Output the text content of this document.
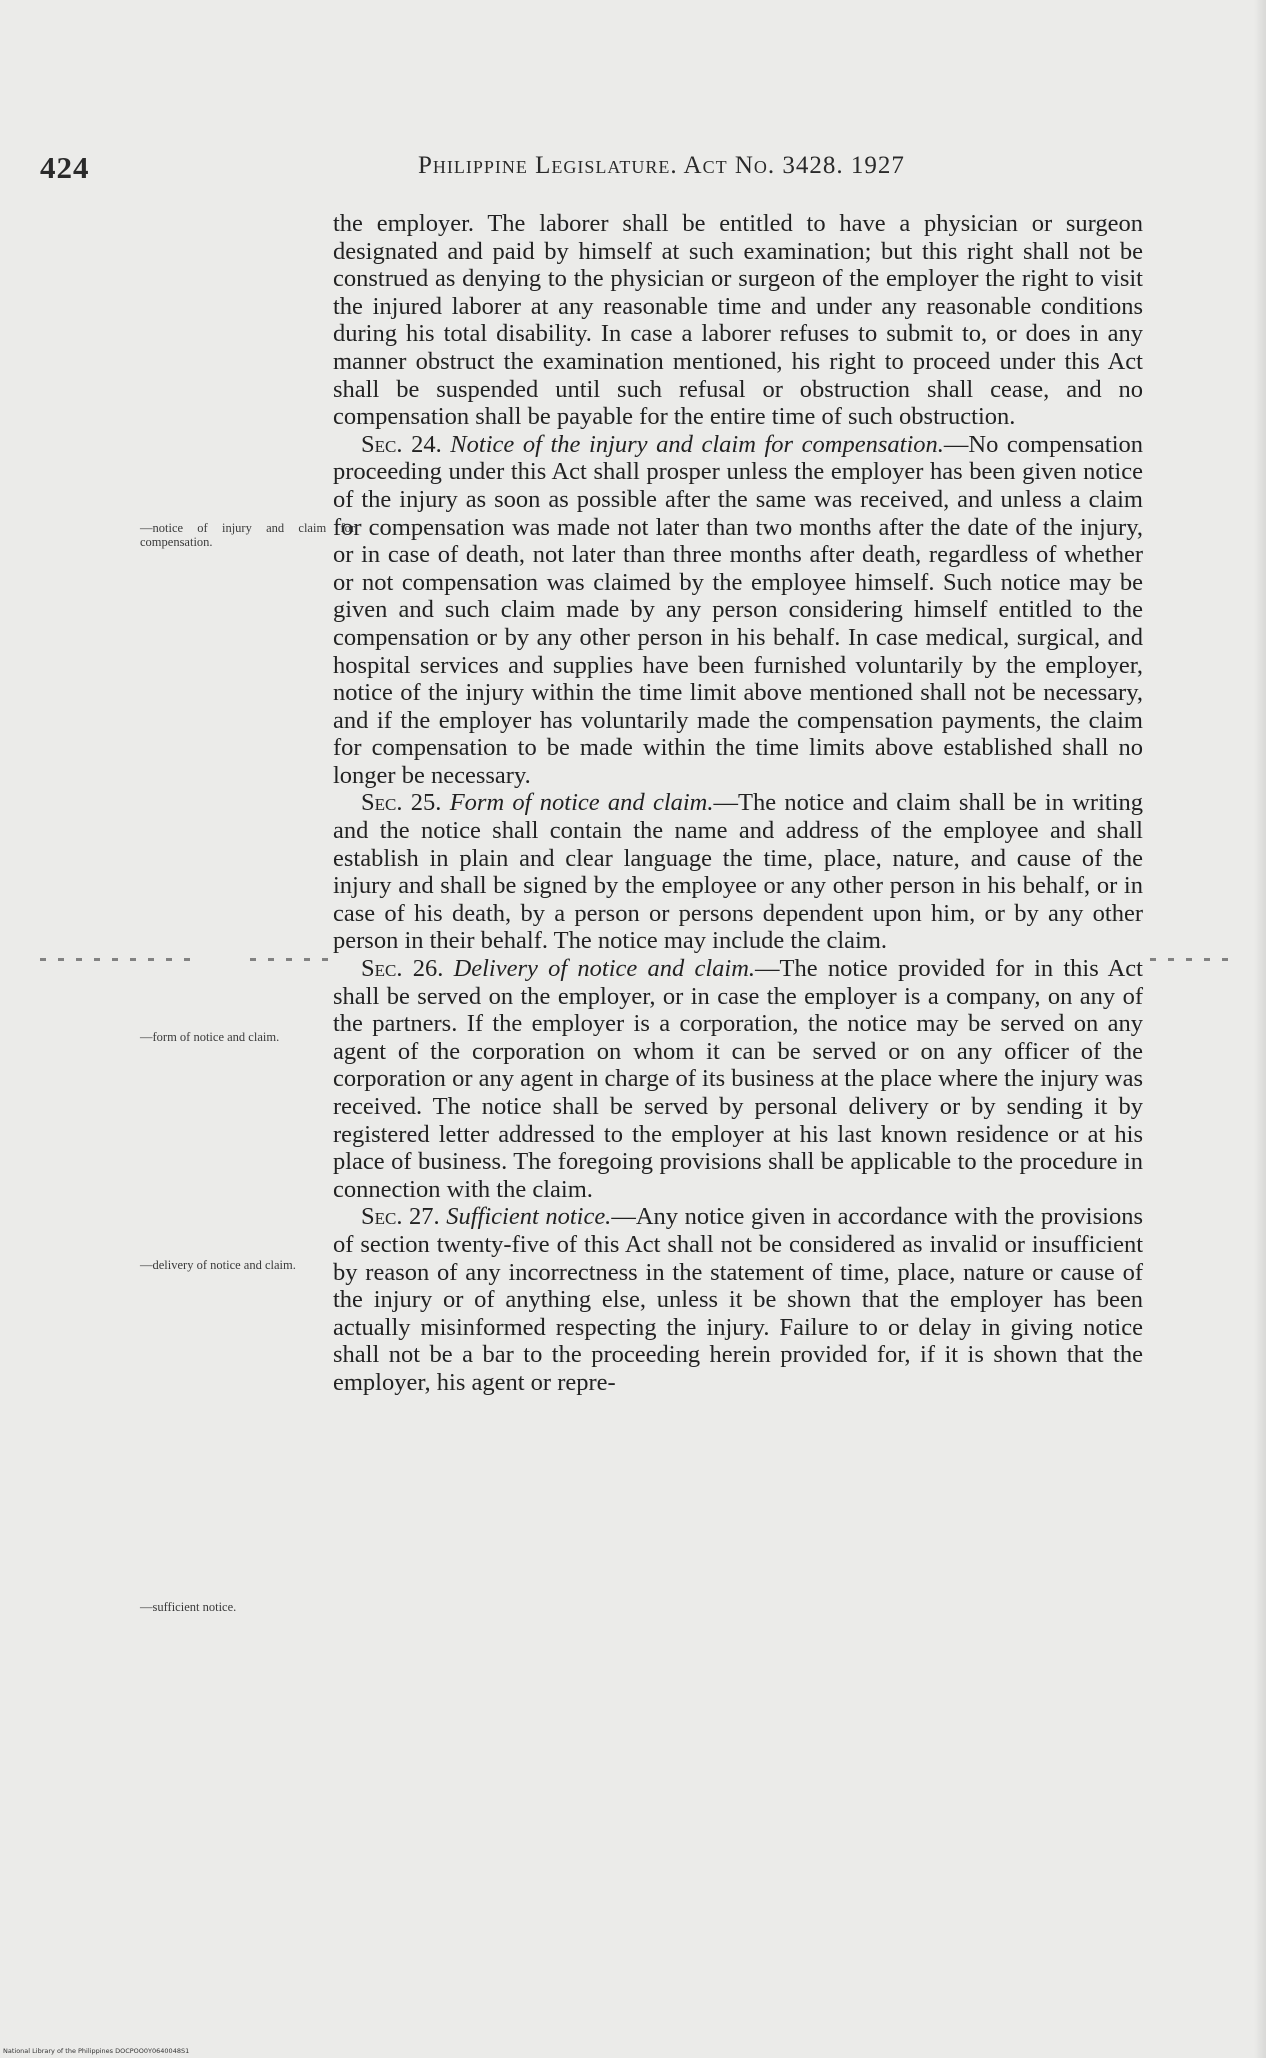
424	Philippine Legislature. Act No. 3428. 1927
—notice of injury and claim for compensation.
—form of notice and claim.
—delivery of notice and claim.
—sufficient notice.

the employer. The laborer shall be entitled to have a physician or surgeon designated and paid by himself at such examination; but this right shall not be construed as denying to the physician or surgeon of the employer the right to visit the injured laborer at any reasonable time and under any reasonable conditions during his total disability. In case a laborer refuses to submit to, or does in any manner obstruct the examination mentioned, his right to proceed under this Act shall be suspended until such refusal or obstruction shall cease, and no compensation shall be payable for the entire time of such obstruction.

Sec. 24. Notice of the injury and claim for compensation.—No compensation proceeding under this Act shall prosper unless the employer has been given notice of the injury as soon as possible after the same was received, and unless a claim for compensation was made not later than two months after the date of the injury, or in case of death, not later than three months after death, regardless of whether or not compensation was claimed by the employee himself. Such notice may be given and such claim made by any person considering himself entitled to the compensation or by any other person in his behalf. In case medical, surgical, and hospital services and supplies have been furnished voluntarily by the employer, notice of the injury within the time limit above mentioned shall not be necessary, and if the employer has voluntarily made the compensation payments, the claim for compensation to be made within the time limits above established shall no longer be necessary.

Sec. 25. Form of notice and claim.—The notice and claim shall be in writing and the notice shall contain the name and address of the employee and shall establish in plain and clear language the time, place, nature, and cause of the injury and shall be signed by the employee or any other person in his behalf, or in case of his death, by a person or persons dependent upon him, or by any other person in their behalf. The notice may include the claim.

Sec. 26. Delivery of notice and claim.—The notice provided for in this Act shall be served on the employer, or in case the employer is a company, on any of the partners. If the employer is a corporation, the notice may be served on any agent of the corporation on whom it can be served or on any officer of the corporation or any agent in charge of its business at the place where the injury was received. The notice shall be served by personal delivery or by sending it by registered letter addressed to the employer at his last known residence or at his place of business. The foregoing provisions shall be applicable to the procedure in connection with the claim.

Sec. 27. Sufficient notice.—Any notice given in accordance with the provisions of section twenty-five of this Act shall not be considered as invalid or insufficient by reason of any incorrectness in the statement of time, place, nature or cause of the injury or of anything else, unless it be shown that the employer has been actually misinformed respecting the injury. Failure to or delay in giving notice shall not be a bar to the proceeding herein provided for, if it is shown that the employer, his agent or repre-

National Library of the Philippines DOCPOO0Y0640048S1
